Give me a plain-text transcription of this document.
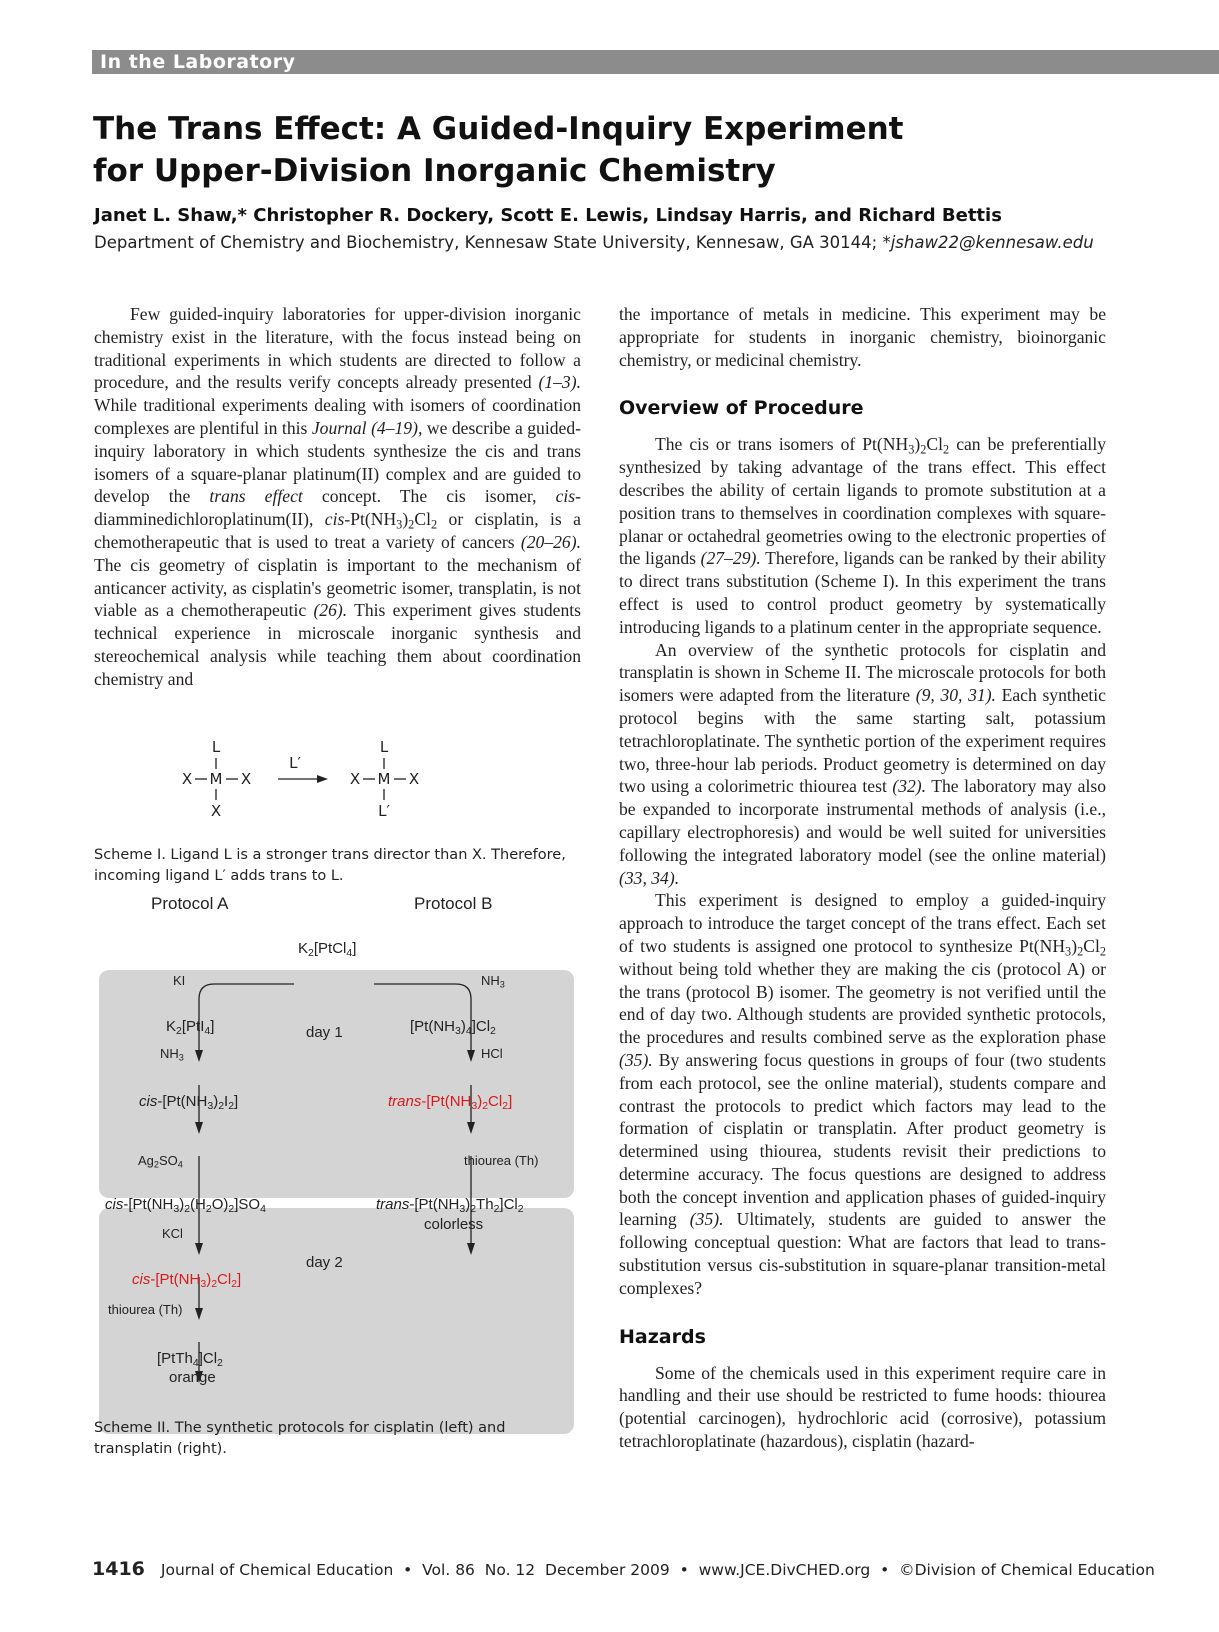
In the Laboratory
The Trans Effect: A Guided-Inquiry Experiment
for Upper-Division Inorganic Chemistry

Janet L. Shaw,* Christopher R. Dockery, Scott E. Lewis, Lindsay Harris, and Richard Bettis

Department of Chemistry and Biochemistry, Kennesaw State University, Kennesaw, GA 30144; *jshaw22@kennesaw.edu

Few guided-inquiry laboratories for upper-division inorganic chemistry exist in the literature, with the focus instead being on traditional experiments in which students are directed to follow a procedure, and the results verify concepts already presented (1–3). While traditional experiments dealing with isomers of coordination complexes are plentiful in this Journal (4–19), we describe a guided-inquiry laboratory in which students synthesize the cis and trans isomers of a square-planar platinum(II) complex and are guided to develop the trans effect concept. The cis isomer, cis-diamminedichloroplatinum(II), cis-$Pt(NH_3)_2Cl_2$ or cisplatin, is a chemotherapeutic that is used to treat a variety of cancers (20–26). The cis geometry of cisplatin is important to the mechanism of anticancer activity, as cisplatin's geometric isomer, transplatin, is not viable as a chemotherapeutic (26). This experiment gives students technical experience in microscale inorganic synthesis and stereochemical analysis while teaching them about coordination chemistry and

L
X M X
X
L′
L
X M X
L′

Scheme I. Ligand L is a stronger trans director than X. Therefore, incoming ligand L′ adds trans to L.

Protocol A	Protocol B
$K_2[PtCl_4]$
KI	$NH_3$
$K_2[PtI_4]$	day 1	$[Pt(NH_3)_4]Cl_2$
$NH_3$	HCl
cis-$[Pt(NH_3)_2I_2]$	trans-$[Pt(NH_3)_2Cl_2]$
$Ag_2SO_4$	thiourea (Th)
cis-$[Pt(NH_3)_2(H_2O)_2]SO_4$	trans-$[Pt(NH_3)_2Th_2]Cl_2$
colorless
KCl
day 2
cis-$[Pt(NH_3)_2Cl_2]$
thiourea (Th)
$[PtTh_4]Cl_2$
orange

Scheme II. The synthetic protocols for cisplatin (left) and transplatin (right).

the importance of metals in medicine. This experiment may be appropriate for students in inorganic chemistry, bioinorganic chemistry, or medicinal chemistry.

Overview of Procedure

The cis or trans isomers of $Pt(NH_3)_2Cl_2$ can be preferentially synthesized by taking advantage of the trans effect. This effect describes the ability of certain ligands to promote substitution at a position trans to themselves in coordination complexes with square-planar or octahedral geometries owing to the electronic properties of the ligands (27–29). Therefore, ligands can be ranked by their ability to direct trans substitution (Scheme I). In this experiment the trans effect is used to control product geometry by systematically introducing ligands to a platinum center in the appropriate sequence.

An overview of the synthetic protocols for cisplatin and transplatin is shown in Scheme II. The microscale protocols for both isomers were adapted from the literature (9, 30, 31). Each synthetic protocol begins with the same starting salt, potassium tetrachloroplatinate. The synthetic portion of the experiment requires two, three-hour lab periods. Product geometry is determined on day two using a colorimetric thiourea test (32). The laboratory may also be expanded to incorporate instrumental methods of analysis (i.e., capillary electrophoresis) and would be well suited for universities following the integrated laboratory model (see the online material) (33, 34).

This experiment is designed to employ a guided-inquiry approach to introduce the target concept of the trans effect. Each set of two students is assigned one protocol to synthesize $Pt(NH_3)_2Cl_2$ without being told whether they are making the cis (protocol A) or the trans (protocol B) isomer. The geometry is not verified until the end of day two. Although students are provided synthetic protocols, the procedures and results combined serve as the exploration phase (35). By answering focus questions in groups of four (two students from each protocol, see the online material), students compare and contrast the protocols to predict which factors may lead to the formation of cisplatin or transplatin. After product geometry is determined using thiourea, students revisit their predictions to determine accuracy. The focus questions are designed to address both the concept invention and application phases of guided-inquiry learning (35). Ultimately, students are guided to answer the following conceptual question: What are factors that lead to trans-substitution versus cis-substitution in square-planar transition-metal complexes?

Hazards

Some of the chemicals used in this experiment require care in handling and their use should be restricted to fume hoods: thiourea (potential carcinogen), hydrochloric acid (corrosive), potassium tetrachloroplatinate (hazardous), cisplatin (hazard-

1416 Journal of Chemical Education  •  Vol. 86  No. 12  December 2009  •  www.JCE.DivCHED.org  •  ©Division of Chemical Education
